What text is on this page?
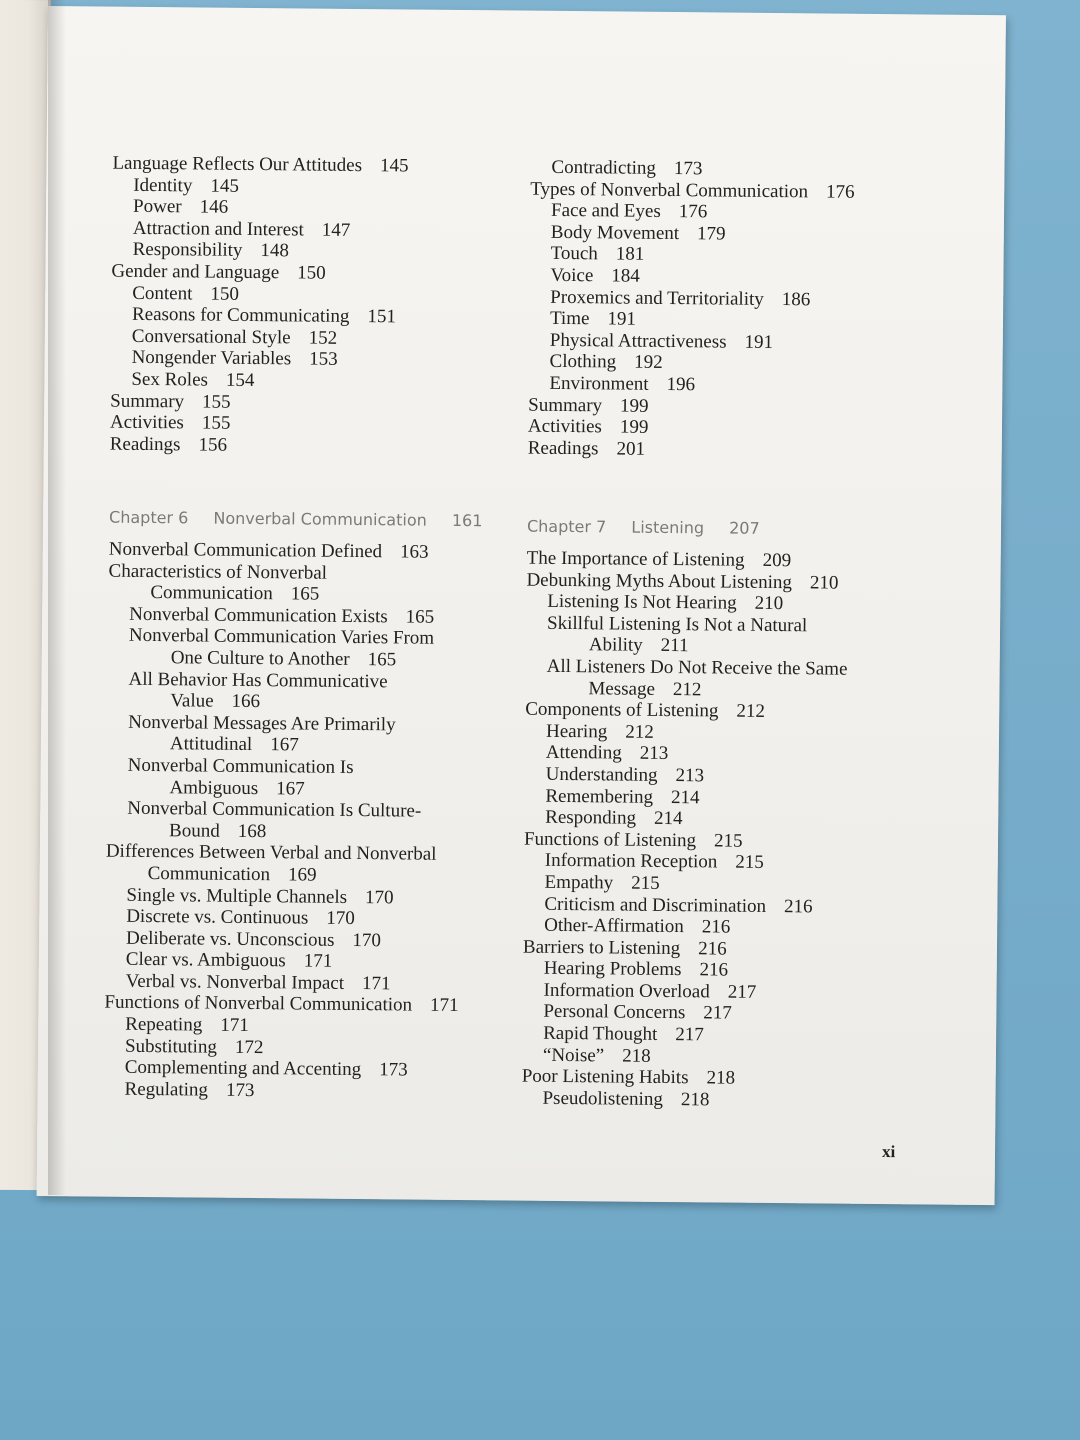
Language Reflects Our Attitudes 145
Identity 145
Power 146
Attraction and Interest 147
Responsibility 148
Gender and Language 150
Content 150
Reasons for Communicating 151
Conversational Style 152
Nongender Variables 153
Sex Roles 154
Summary 155
Activities 155
Readings 156
Chapter 6 Nonverbal Communication 161
Nonverbal Communication Defined 163
Characteristics of Nonverbal
Communication 165
Nonverbal Communication Exists 165
Nonverbal Communication Varies From
One Culture to Another 165
All Behavior Has Communicative
Value 166
Nonverbal Messages Are Primarily
Attitudinal 167
Nonverbal Communication Is
Ambiguous 167
Nonverbal Communication Is Culture-
Bound 168
Differences Between Verbal and Nonverbal
Communication 169
Single vs. Multiple Channels 170
Discrete vs. Continuous 170
Deliberate vs. Unconscious 170
Clear vs. Ambiguous 171
Verbal vs. Nonverbal Impact 171
Functions of Nonverbal Communication 171
Repeating 171
Substituting 172
Complementing and Accenting 173
Regulating 173
Contradicting 173
Types of Nonverbal Communication 176
Face and Eyes 176
Body Movement 179
Touch 181
Voice 184
Proxemics and Territoriality 186
Time 191
Physical Attractiveness 191
Clothing 192
Environment 196
Summary 199
Activities 199
Readings 201
Chapter 7 Listening 207
The Importance of Listening 209
Debunking Myths About Listening 210
Listening Is Not Hearing 210
Skillful Listening Is Not a Natural
Ability 211
All Listeners Do Not Receive the Same
Message 212
Components of Listening 212
Hearing 212
Attending 213
Understanding 213
Remembering 214
Responding 214
Functions of Listening 215
Information Reception 215
Empathy 215
Criticism and Discrimination 216
Other-Affirmation 216
Barriers to Listening 216
Hearing Problems 216
Information Overload 217
Personal Concerns 217
Rapid Thought 217
“Noise” 218
Poor Listening Habits 218
Pseudolistening 218
xi
